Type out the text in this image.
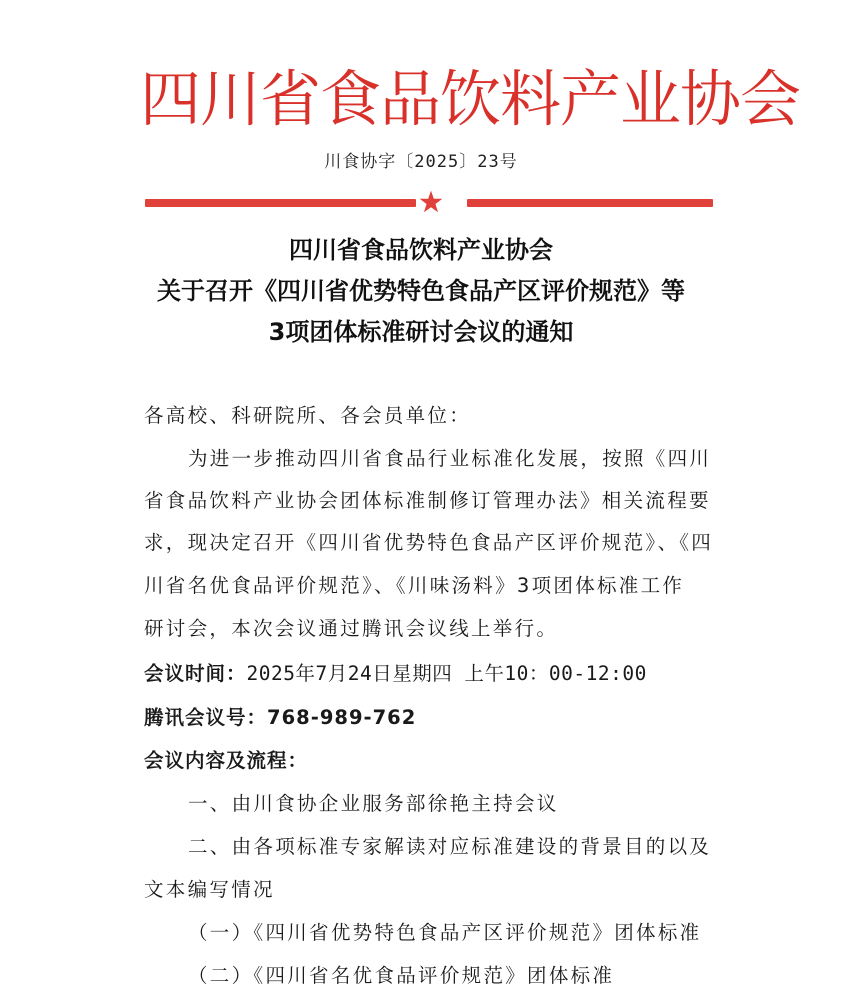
四川省食品饮料产业协会
川食协字〔2025〕23号
四川省食品饮料产业协会
关于召开《四川省优势特色食品产区评价规范》等
3项团体标准研讨会议的通知
各高校、科研院所、各会员单位：
为进一步推动四川省食品行业标准化发展，按照《四川
省食品饮料产业协会团体标准制修订管理办法》相关流程要
求，现决定召开《四川省优势特色食品产区评价规范》、《四
川省名优食品评价规范》、《川味汤料》3项团体标准工作
研讨会，本次会议通过腾讯会议线上举行。
会议时间：2025年7月24日星期四 上午10：00-12:00
腾讯会议号：768-989-762
会议内容及流程：
一、由川食协企业服务部徐艳主持会议
二、由各项标准专家解读对应标准建设的背景目的以及
文本编写情况
（一）《四川省优势特色食品产区评价规范》团体标准
（二）《四川省名优食品评价规范》团体标准
